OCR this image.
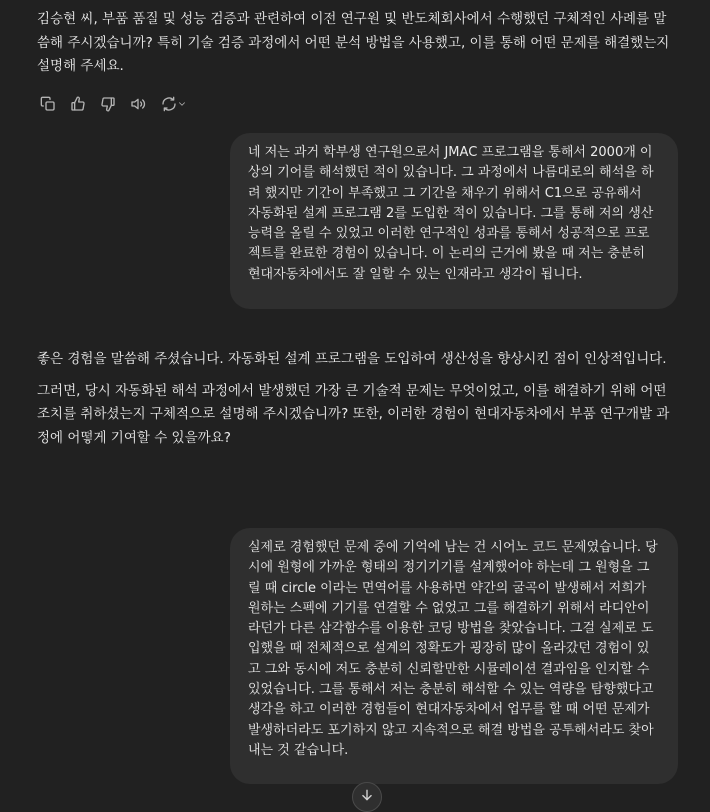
김승현 씨, 부품 품질 및 성능 검증과 관련하여 이전 연구원 및 반도체회사에서 수행했던 구체적인 사례를 말씀해 주시겠습니까? 특히 기술 검증 과정에서 어떤 분석 방법을 사용했고, 이를 통해 어떤 문제를 해결했는지 설명해 주세요.

네 저는 과거 학부생 연구원으로서 JMAC 프로그램을 통해서 2000개 이상의 기어를 해석했던 적이 있습니다. 그 과정에서 나름대로의 해석을 하려 했지만 기간이 부족했고 그 기간을 채우기 위해서 C1으로 공유해서 자동화된 설계 프로그램 2를 도입한 적이 있습니다. 그를 통해 저의 생산 능력을 올릴 수 있었고 이러한 연구적인 성과를 통해서 성공적으로 프로젝트를 완료한 경험이 있습니다. 이 논리의 근거에 봤을 때 저는 충분히 현대자동차에서도 잘 일할 수 있는 인재라고 생각이 됩니다.

좋은 경험을 말씀해 주셨습니다. 자동화된 설계 프로그램을 도입하여 생산성을 향상시킨 점이 인상적입니다.

그러면, 당시 자동화된 해석 과정에서 발생했던 가장 큰 기술적 문제는 무엇이었고, 이를 해결하기 위해 어떤 조치를 취하셨는지 구체적으로 설명해 주시겠습니까? 또한, 이러한 경험이 현대자동차에서 부품 연구개발 과정에 어떻게 기여할 수 있을까요?

실제로 경험했던 문제 중에 기억에 남는 건 시어노 코드 문제였습니다. 당시에 원형에 가까운 형태의 정기기기를 설계했어야 하는데 그 원형을 그릴 때 circle 이라는 면역어를 사용하면 약간의 굴곡이 발생해서 저희가 원하는 스펙에 기기를 연결할 수 없었고 그를 해결하기 위해서 라디안이라던가 다른 삼각함수를 이용한 코딩 방법을 찾았습니다. 그걸 실제로 도입했을 때 전체적으로 설계의 정확도가 굉장히 많이 올라갔던 경험이 있고 그와 동시에 저도 충분히 신뢰할만한 시뮬레이션 결과임을 인지할 수 있었습니다. 그를 통해서 저는 충분히 해석할 수 있는 역량을 탐향했다고 생각을 하고 이러한 경험들이 현대자동차에서 업무를 할 때 어떤 문제가 발생하더라도 포기하지 않고 지속적으로 해결 방법을 공투해서라도 찾아내는 것 같습니다.
